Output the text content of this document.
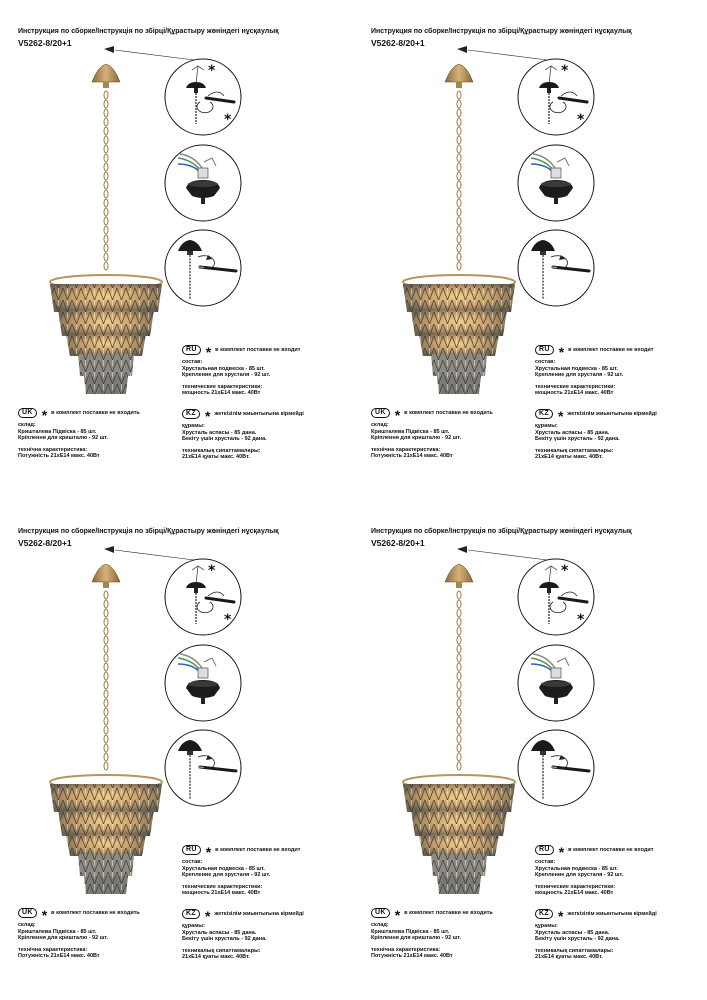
Инструкция по сборке/Інструкція по збірці/Құрастыру жөніндегі нұсқаулық
V5262-8/20+1
*
*
RU * в комплект поставки не входит
состав:
Хрустальная подвеска - 85 шт.
Крепление для хрусталя - 92 шт.
технические характеристики:
мощность 21хЕ14 макс. 40Вт
UK * в комплект поставки не входить
склад:
Кришталева Підвіска - 85 шт.
Кріплення для кришталю - 92 шт.
технічна характеристика:
Потужність 21хЕ14 макс. 40Вт
KZ * жеткізілім жиынтығына кірмейді
құрамы:
Хрусталь аспасы - 85 дана.
Бекіту үшін хрусталь - 92 дана.
техникалық сипаттамалары:
21хЕ14 қуаты макс. 40Вт.
Инструкция по сборке/Інструкція по збірці/Құрастыру жөніндегі нұсқаулық
V5262-8/20+1
*
*
RU * в комплект поставки не входит
состав:
Хрустальная подвеска - 85 шт.
Крепление для хрусталя - 92 шт.
технические характеристики:
мощность 21хЕ14 макс. 40Вт
UK * в комплект поставки не входить
склад:
Кришталева Підвіска - 85 шт.
Кріплення для кришталю - 92 шт.
технічна характеристика:
Потужність 21хЕ14 макс. 40Вт
KZ * жеткізілім жиынтығына кірмейді
құрамы:
Хрусталь аспасы - 85 дана.
Бекіту үшін хрусталь - 92 дана.
техникалық сипаттамалары:
21хЕ14 қуаты макс. 40Вт.
Инструкция по сборке/Інструкція по збірці/Құрастыру жөніндегі нұсқаулық
V5262-8/20+1
*
*
RU * в комплект поставки не входит
состав:
Хрустальная подвеска - 85 шт.
Крепление для хрусталя - 92 шт.
технические характеристики:
мощность 21хЕ14 макс. 40Вт
UK * в комплект поставки не входить
склад:
Кришталева Підвіска - 85 шт.
Кріплення для кришталю - 92 шт.
технічна характеристика:
Потужність 21хЕ14 макс. 40Вт
KZ * жеткізілім жиынтығына кірмейді
құрамы:
Хрусталь аспасы - 85 дана.
Бекіту үшін хрусталь - 92 дана.
техникалық сипаттамалары:
21хЕ14 қуаты макс. 40Вт.
Инструкция по сборке/Інструкція по збірці/Құрастыру жөніндегі нұсқаулық
V5262-8/20+1
*
*
RU * в комплект поставки не входит
состав:
Хрустальная подвеска - 85 шт.
Крепление для хрусталя - 92 шт.
технические характеристики:
мощность 21хЕ14 макс. 40Вт
UK * в комплект поставки не входить
склад:
Кришталева Підвіска - 85 шт.
Кріплення для кришталю - 92 шт.
технічна характеристика:
Потужність 21хЕ14 макс. 40Вт
KZ * жеткізілім жиынтығына кірмейді
құрамы:
Хрусталь аспасы - 85 дана.
Бекіту үшін хрусталь - 92 дана.
техникалық сипаттамалары:
21хЕ14 қуаты макс. 40Вт.
